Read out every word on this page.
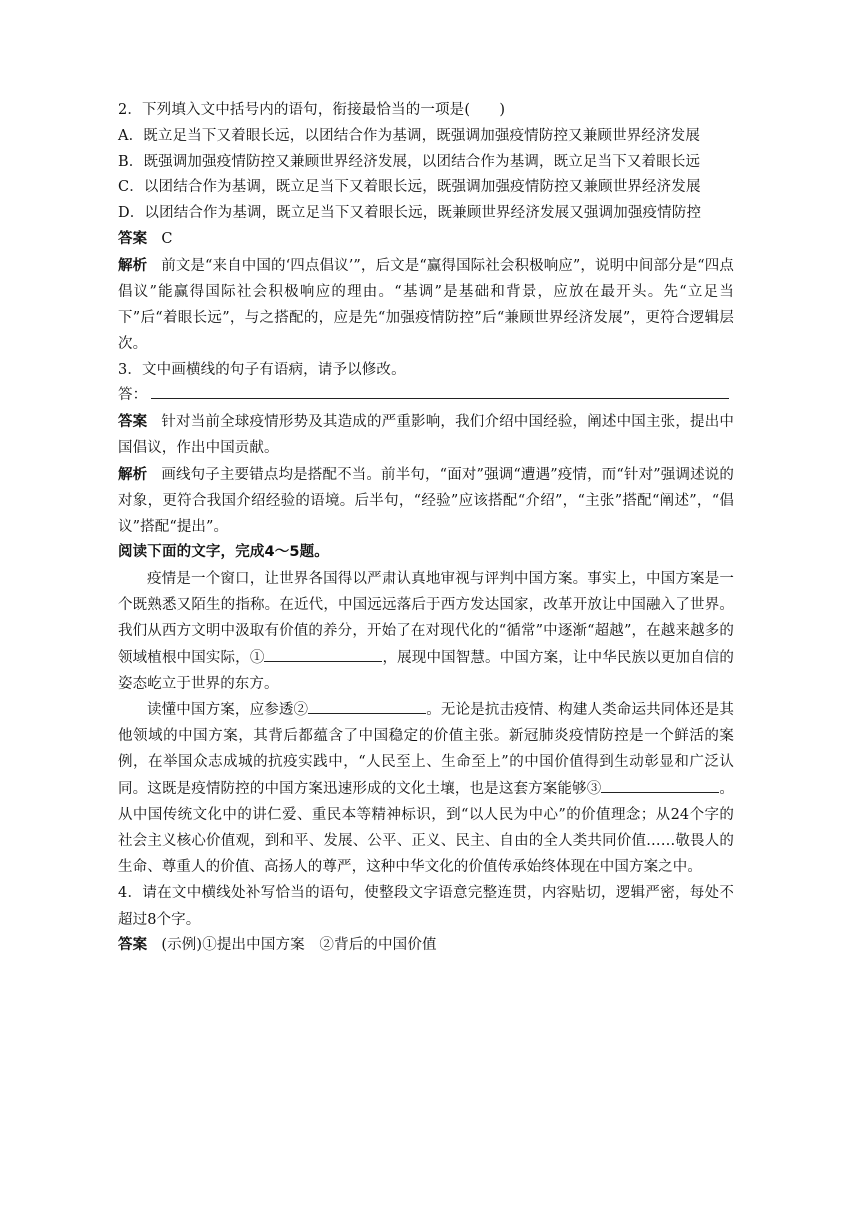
2．下列填入文中括号内的语句，衔接最恰当的一项是(　　)
A．既立足当下又着眼长远，以团结合作为基调，既强调加强疫情防控又兼顾世界经济发展
B．既强调加强疫情防控又兼顾世界经济发展，以团结合作为基调，既立足当下又着眼长远
C．以团结合作为基调，既立足当下又着眼长远，既强调加强疫情防控又兼顾世界经济发展
D．以团结合作为基调，既立足当下又着眼长远，既兼顾世界经济发展又强调加强疫情防控
答案 C
解析 前文是“来自中国的‘四点倡议’”，后文是“赢得国际社会积极响应”，说明中间部分是“四点倡议”能赢得国际社会积极响应的理由。“基调”是基础和背景，应放在最开头。先“立足当下”后“着眼长远”，与之搭配的，应是先“加强疫情防控”后“兼顾世界经济发展”，更符合逻辑层次。
3．文中画横线的句子有语病，请予以修改。
答：
答案 针对当前全球疫情形势及其造成的严重影响，我们介绍中国经验，阐述中国主张，提出中国倡议，作出中国贡献。
解析 画线句子主要错点均是搭配不当。前半句，“面对”强调“遭遇”疫情，而“针对”强调述说的对象，更符合我国介绍经验的语境。后半句，“经验”应该搭配“介绍”，“主张”搭配“阐述”，“倡议”搭配“提出”。
阅读下面的文字，完成4～5题。
疫情是一个窗口，让世界各国得以严肃认真地审视与评判中国方案。事实上，中国方案是一个既熟悉又陌生的指称。在近代，中国远远落后于西方发达国家，改革开放让中国融入了世界。我们从西方文明中汲取有价值的养分，开始了在对现代化的“循常”中逐渐“超越”，在越来越多的领域植根中国实际，①	，展现中国智慧。中国方案，让中华民族以更加自信的姿态屹立于世界的东方。
读懂中国方案，应参透②	。无论是抗击疫情、构建人类命运共同体还是其他领域的中国方案，其背后都蕴含了中国稳定的价值主张。新冠肺炎疫情防控是一个鲜活的案例，在举国众志成城的抗疫实践中，“人民至上、生命至上”的中国价值得到生动彰显和广泛认同。这既是疫情防控的中国方案迅速形成的文化土壤，也是这套方案能够③	。从中国传统文化中的讲仁爱、重民本等精神标识，到“以人民为中心”的价值理念；从24个字的社会主义核心价值观，到和平、发展、公平、正义、民主、自由的全人类共同价值……敬畏人的生命、尊重人的价值、高扬人的尊严，这种中华文化的价值传承始终体现在中国方案之中。
4．请在文中横线处补写恰当的语句，使整段文字语意完整连贯，内容贴切，逻辑严密，每处不超过8个字。
答案 (示例)①提出中国方案　②背后的中国价值
